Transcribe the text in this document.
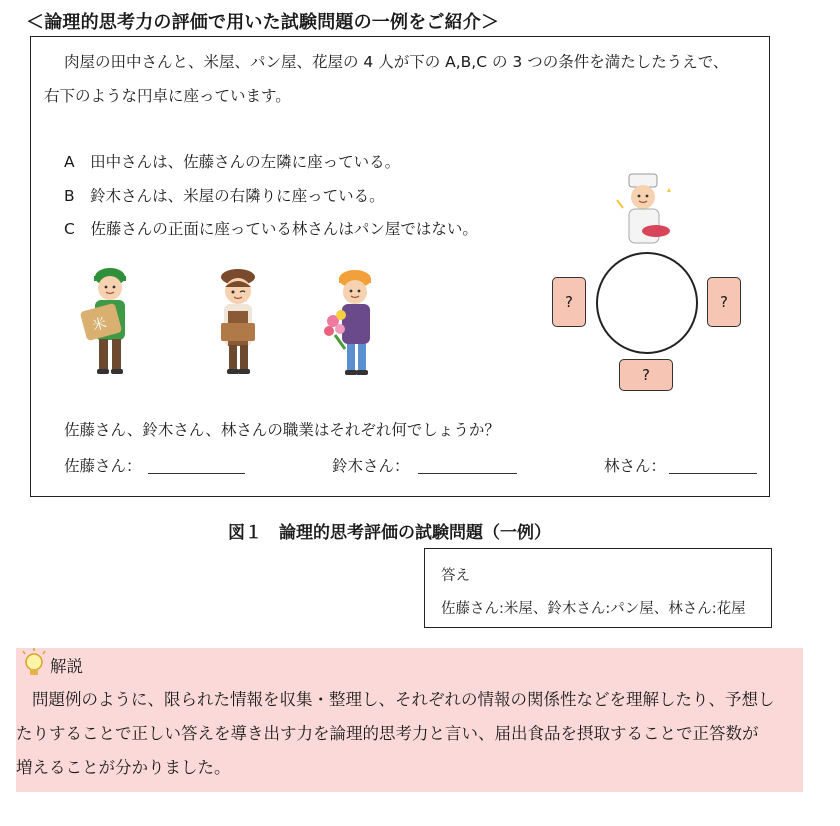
＜論理的思考力の評価で用いた試験問題の一例をご紹介＞
肉屋の田中さんと、米屋、パン屋、花屋の 4 人が下の A,B,C の 3 つの条件を満たしたうえで、
右下のような円卓に座っています。
A　田中さんは、佐藤さんの左隣に座っている。
B　鈴木さんは、米屋の右隣りに座っている。
C　佐藤さんの正面に座っている林さんはパン屋ではない。
米
?	?
?
佐藤さん、鈴木さん、林さんの職業はそれぞれ何でしょうか？
佐藤さん：	鈴木さん：	林さん：
図１　論理的思考評価の試験問題（一例）
答え
佐藤さん:米屋、鈴木さん:パン屋、林さん:花屋
解説
問題例のように、限られた情報を収集・整理し、それぞれの情報の関係性などを理解したり、予想し
たりすることで正しい答えを導き出す力を論理的思考力と言い、届出食品を摂取することで正答数が
増えることが分かりました。
